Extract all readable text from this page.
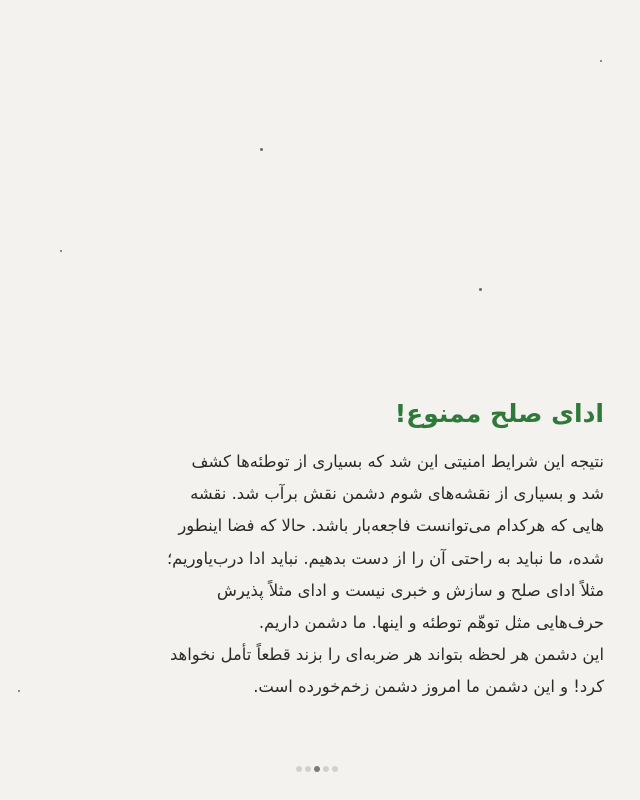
ادای صلح ممنوع!

نتیجه این شرایط امنیتی این شد که بسیاری از توطئه‌ها کشف

شد و بسیاری از نقشه‌های شوم دشمن نقش برآب شد. نقشه

هایی که هرکدام می‌توانست فاجعه‌بار باشد. حالا که فضا اینطور

شده، ما نباید به راحتی آن را از دست بدهیم. نباید ادا درب‌یاوریم؛

مثلاً ادای صلح و سازش و خبری نیست و ادای مثلاً پذیرش

حرف‌هایی مثل توهّم توطئه و اینها. ما دشمن داریم.

این دشمن هر لحظه بتواند هر ضربه‌ای را بزند قطعاً تأمل نخواهد

کرد! و این دشمن ما امروز دشمن زخم‌خورده است.
